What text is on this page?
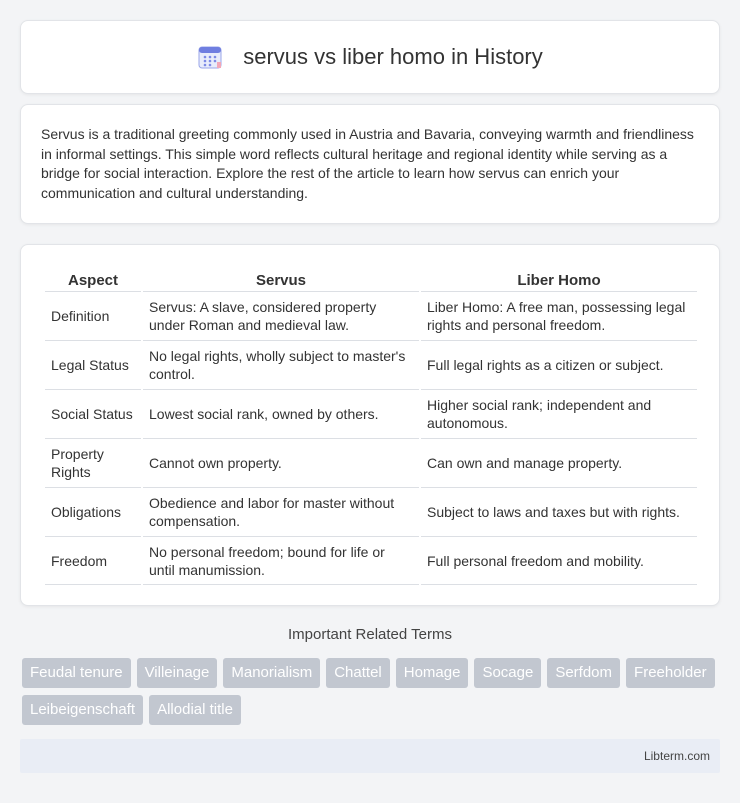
servus vs liber homo in History

Servus is a traditional greeting commonly used in Austria and Bavaria, conveying warmth and friendliness in informal settings. This simple word reflects cultural heritage and regional identity while serving as a bridge for social interaction. Explore the rest of the article to learn how servus can enrich your communication and cultural understanding.

Aspect	Servus	Liber Homo
Definition	Servus: A slave, considered property under Roman and medieval law.	Liber Homo: A free man, possessing legal rights and personal freedom.
Legal Status	No legal rights, wholly subject to master's control.	Full legal rights as a citizen or subject.
Social Status	Lowest social rank, owned by others.	Higher social rank; independent and autonomous.
Property Rights	Cannot own property.	Can own and manage property.
Obligations	Obedience and labor for master without compensation.	Subject to laws and taxes but with rights.
Freedom	No personal freedom; bound for life or until manumission.	Full personal freedom and mobility.
Important Related Terms
Feudal tenure	Villeinage	Manorialism	Chattel	Homage	Socage	Serfdom	Freeholder
Leibeigenschaft	Allodial title
Libterm.com
